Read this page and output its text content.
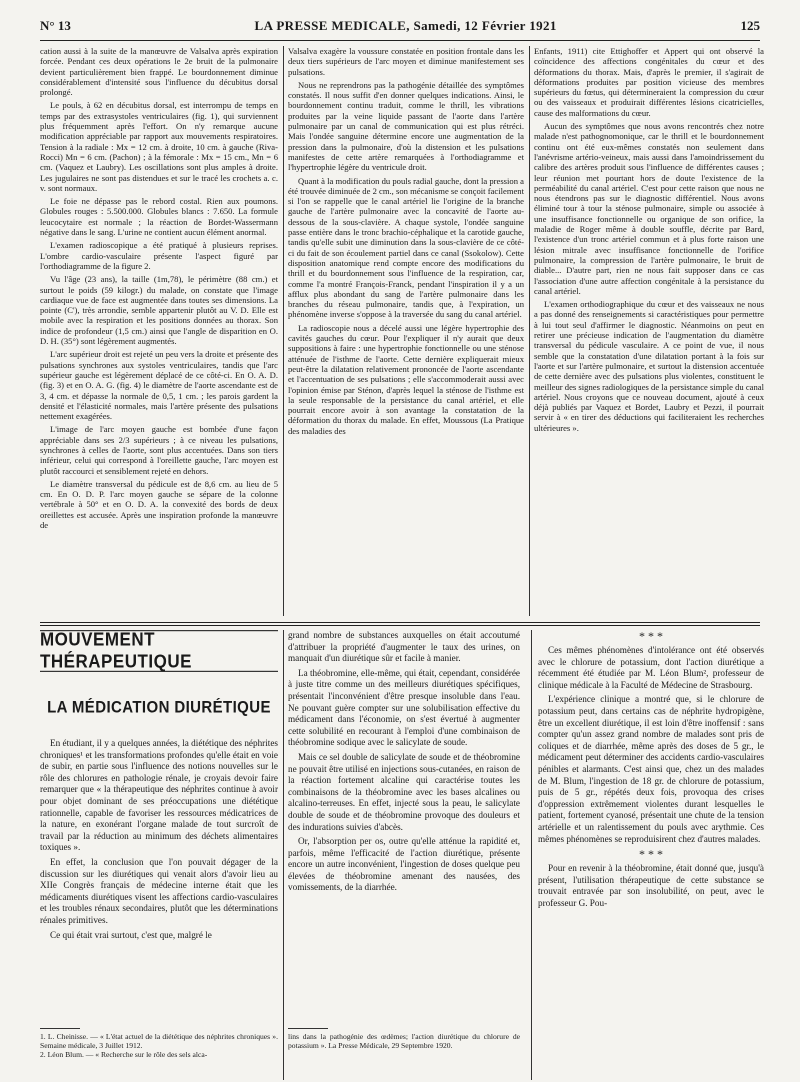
N° 13	LA PRESSE MEDICALE, Samedi, 12 Février 1921	125

cation aussi à la suite de la manœuvre de Valsalva après expiration forcée. Pendant ces deux opérations le 2e bruit de la pulmonaire devient particulièrement bien frappé. Le bourdonnement diminue considérablement d'intensité sous l'influence du décubitus dorsal prolongé.

Le pouls, à 62 en décubitus dorsal, est interrompu de temps en temps par des extrasystoles ventriculaires (fig. 1), qui surviennent plus fréquemment après l'effort. On n'y remarque aucune modification appréciable par rapport aux mouvements respiratoires. Tension à la radiale : Mx = 12 cm. à droite, 10 cm. à gauche (Riva-Rocci) Mn = 6 cm. (Pachon) ; à la fémorale : Mx = 15 cm., Mn = 6 cm. (Vaquez et Laubry). Les oscillations sont plus amples à droite. Les jugulaires ne sont pas distendues et sur le tracé les crochets a. c. v. sont normaux.

Le foie ne dépasse pas le rebord costal. Rien aux poumons. Globules rouges : 5.500.000. Globules blancs : 7.650. La formule leucocytaire est normale ; la réaction de Bordet-Wassermann négative dans le sang. L'urine ne contient aucun élément anormal.

L'examen radioscopique a été pratiqué à plusieurs reprises. L'ombre cardio-vasculaire présente l'aspect figuré par l'orthodiagramme de la figure 2.

Vu l'âge (23 ans), la taille (1m,78), le périmètre (88 cm.) et surtout le poids (59 kilogr.) du malade, on constate que l'image cardiaque vue de face est augmentée dans toutes ses dimensions. La pointe (C'), très arrondie, semble appartenir plutôt au V. D. Elle est mobile avec la respiration et les positions données au thorax. Son indice de profondeur (1,5 cm.) ainsi que l'angle de disparition en O. D. H. (35°) sont légèrement augmentés.

L'arc supérieur droit est rejeté un peu vers la droite et présente des pulsations synchrones aux systoles ventriculaires, tandis que l'arc supérieur gauche est légèrement déplacé de ce côté-ci. En O. A. D. (fig. 3) et en O. A. G. (fig. 4) le diamètre de l'aorte ascendante est de 3, 4 cm. et dépasse la normale de 0,5, 1 cm. ; les parois gardent la densité et l'élasticité normales, mais l'artère présente des pulsations nettement exagérées.

L'image de l'arc moyen gauche est bombée d'une façon appréciable dans ses 2/3 supérieurs ; à ce niveau les pulsations, synchrones à celles de l'aorte, sont plus accentuées. Dans son tiers inférieur, celui qui correspond à l'oreillette gauche, l'arc moyen est plutôt raccourci et sensiblement rejeté en dehors.

Le diamètre transversal du pédicule est de 8,6 cm. au lieu de 5 cm. En O. D. P. l'arc moyen gauche se sépare de la colonne vertébrale à 50° et en O. D. A. la convexité des bords de deux oreillettes est accusée. Après une inspiration profonde la manœuvre de

Valsalva exagère la voussure constatée en position frontale dans les deux tiers supérieurs de l'arc moyen et diminue manifestement ses pulsations.

Nous ne reprendrons pas la pathogénie détaillée des symptômes constatés. Il nous suffit d'en donner quelques indications. Ainsi, le bourdonnement continu traduit, comme le thrill, les vibrations produites par la veine liquide passant de l'aorte dans l'artère pulmonaire par un canal de communication qui est plus rétréci. Mais l'ondée sanguine détermine encore une augmentation de la pression dans la pulmonaire, d'où la distension et les pulsations manifestes de cette artère remarquées à l'orthodiagramme et l'hypertrophie légère du ventricule droit.

Quant à la modification du pouls radial gauche, dont la pression a été trouvée diminuée de 2 cm., son mécanisme se conçoit facilement si l'on se rappelle que le canal artériel lie l'origine de la branche gauche de l'artère pulmonaire avec la concavité de l'aorte au-dessous de la sous-clavière. A chaque systole, l'ondée sanguine passe entière dans le tronc brachio-céphalique et la carotide gauche, tandis qu'elle subit une diminution dans la sous-clavière de ce côté-ci du fait de son écoulement partiel dans ce canal (Ssokolow). Cette disposition anatomique rend compte encore des modifications du thrill et du bourdonnement sous l'influence de la respiration, car, comme l'a montré François-Franck, pendant l'inspiration il y a un afflux plus abondant du sang de l'artère pulmonaire dans les branches du réseau pulmonaire, tandis que, à l'expiration, un phénomène inverse s'oppose à la traversée du sang du canal artériel.

La radioscopie nous a décelé aussi une légère hypertrophie des cavités gauches du cœur. Pour l'expliquer il n'y aurait que deux suppositions à faire : une hypertrophie fonctionnelle ou une sténose atténuée de l'isthme de l'aorte. Cette dernière expliquerait mieux peut-être la dilatation relativement prononcée de l'aorte ascendante et l'accentuation de ses pulsations ; elle s'accommoderait aussi avec l'opinion émise par Sténon, d'après lequel la sténose de l'isthme est la seule responsable de la persistance du canal artériel, et elle pourrait encore avoir à son avantage la constatation de la déformation du thorax du malade. En effet, Moussous (La Pratique des maladies des

Enfants, 1911) cite Ettighoffer et Appert qui ont observé la coïncidence des affections congénitales du cœur et des déformations du thorax. Mais, d'après le premier, il s'agirait de déformations produites par position vicieuse des membres supérieurs du fœtus, qui détermineraient la compression du cœur ou des vaisseaux et produirait différentes lésions cicatricielles, cause des malformations du cœur.

Aucun des symptômes que nous avons rencontrés chez notre malade n'est pathognomonique, car le thrill et le bourdonnement continu ont été eux-mêmes constatés non seulement dans l'anévrisme artério-veineux, mais aussi dans l'amoindrissement du calibre des artères produit sous l'influence de différentes causes ; leur réunion met pourtant hors de doute l'existence de la perméabilité du canal artériel. C'est pour cette raison que nous ne nous étendrons pas sur le diagnostic différentiel. Nous avons éliminé tour à tour la sténose pulmonaire, simple ou associée à une insuffisance fonctionnelle ou organique de son orifice, la maladie de Roger même à double souffle, décrite par Bard, l'existence d'un tronc artériel commun et à plus forte raison une lésion mitrale avec insuffisance fonctionnelle de l'orifice pulmonaire, la compression de l'artère pulmonaire, le bruit de diable... D'autre part, rien ne nous fait supposer dans ce cas l'association d'une autre affection congénitale à la persistance du canal artériel.

L'examen orthodiographique du cœur et des vaisseaux ne nous a pas donné des renseignements si caractéristiques pour permettre à lui tout seul d'affirmer le diagnostic. Néanmoins on peut en retirer une précieuse indication de l'augmentation du diamètre transversal du pédicule vasculaire. A ce point de vue, il nous semble que la constatation d'une dilatation portant à la fois sur l'aorte et sur l'artère pulmonaire, et surtout la distension accentuée de cette dernière avec des pulsations plus violentes, constituent le meilleur des signes radiologiques de la persistance simple du canal artériel. Nous croyons que ce nouveau document, ajouté à ceux déjà publiés par Vaquez et Bordet, Laubry et Pezzi, il pourrait servir à « en tirer des déductions qui faciliteraient les recherches ultérieures ».

MOUVEMENT THÉRAPEUTIQUE
LA MÉDICATION DIURÉTIQUE

En étudiant, il y a quelques années, la diététique des néphrites chroniques¹ et les transformations profondes qu'elle était en voie de subir, en partie sous l'influence des notions nouvelles sur le rôle des chlorures en pathologie rénale, je croyais devoir faire remarquer que « la thérapeutique des néphrites continue à avoir pour objet dominant de ses préoccupations une diététique rationnelle, capable de favoriser les ressources médicatrices de la nature, en exonérant l'organe malade de tout surcroît de travail par la réduction au minimum des déchets alimentaires toxiques ».

En effet, la conclusion que l'on pouvait dégager de la discussion sur les diurétiques qui venait alors d'avoir lieu au XIIe Congrès français de médecine interne était que les médicaments diurétiques visent les affections cardio-vasculaires et les troubles rénaux secondaires, plutôt que les déterminations rénales primitives.

Ce qui était vrai surtout, c'est que, malgré le

grand nombre de substances auxquelles on était accoutumé d'attribuer la propriété d'augmenter le taux des urines, on manquait d'un diurétique sûr et facile à manier.

La théobromine, elle-même, qui était, cependant, considérée à juste titre comme un des meilleurs diurétiques spécifiques, présentait l'inconvénient d'être presque insoluble dans l'eau. Ne pouvant guère compter sur une solubilisation effective du médicament dans l'économie, on s'est évertué à augmenter cette solubilité en recourant à l'emploi d'une combinaison de théobromine sodique avec le salicylate de soude.

Mais ce sel double de salicylate de soude et de théobromine ne pouvait être utilisé en injections sous-cutanées, en raison de la réaction fortement alcaline qui caractérise toutes les combinaisons de la théobromine avec les bases alcalines ou alcalino-terreuses. En effet, injecté sous la peau, le salicylate double de soude et de théobromine provoque des douleurs et des indurations suivies d'abcès.

Or, l'absorption per os, outre qu'elle atténue la rapidité et, parfois, même l'efficacité de l'action diurétique, présente encore un autre inconvénient, l'ingestion de doses quelque peu élevées de théobromine amenant des nausées, des vomissements, de la diarrhée.

* * *

Ces mêmes phénomènes d'intolérance ont été observés avec le chlorure de potassium, dont l'action diurétique a récemment été étudiée par M. Léon Blum², professeur de clinique médicale à la Faculté de Médecine de Strasbourg.

L'expérience clinique a montré que, si le chlorure de potassium peut, dans certains cas de néphrite hydropigène, être un excellent diurétique, il est loin d'être inoffensif : sans compter qu'un assez grand nombre de malades sont pris de coliques et de diarrhée, même après des doses de 5 gr., le médicament peut déterminer des accidents cardio-vasculaires pénibles et alarmants. C'est ainsi que, chez un des malades de M. Blum, l'ingestion de 18 gr. de chlorure de potassium, puis de 5 gr., répétés deux fois, provoqua des crises d'oppression extrêmement violentes durant lesquelles le patient, fortement cyanosé, présentait une chute de la tension artérielle et un ralentissement du pouls avec arythmie. Ces mêmes phénomènes se reproduisirent chez d'autres malades.

* * *

Pour en revenir à la théobromine, était donné que, jusqu'à présent, l'utilisation thérapeutique de cette substance se trouvait entravée par son insolubilité, on peut, avec le professeur G. Pou-

1. L. Cheinisse. — « L'état actuel de la diététique des néphrites chroniques ». Semaine médicale, 3 Juillet 1912.

2. Léon Blum. — « Recherche sur le rôle des sels alca-

lins dans la pathogénie des œdèmes; l'action diurétique du chlorure de potassium ». La Presse Médicale, 29 Septembre 1920.
